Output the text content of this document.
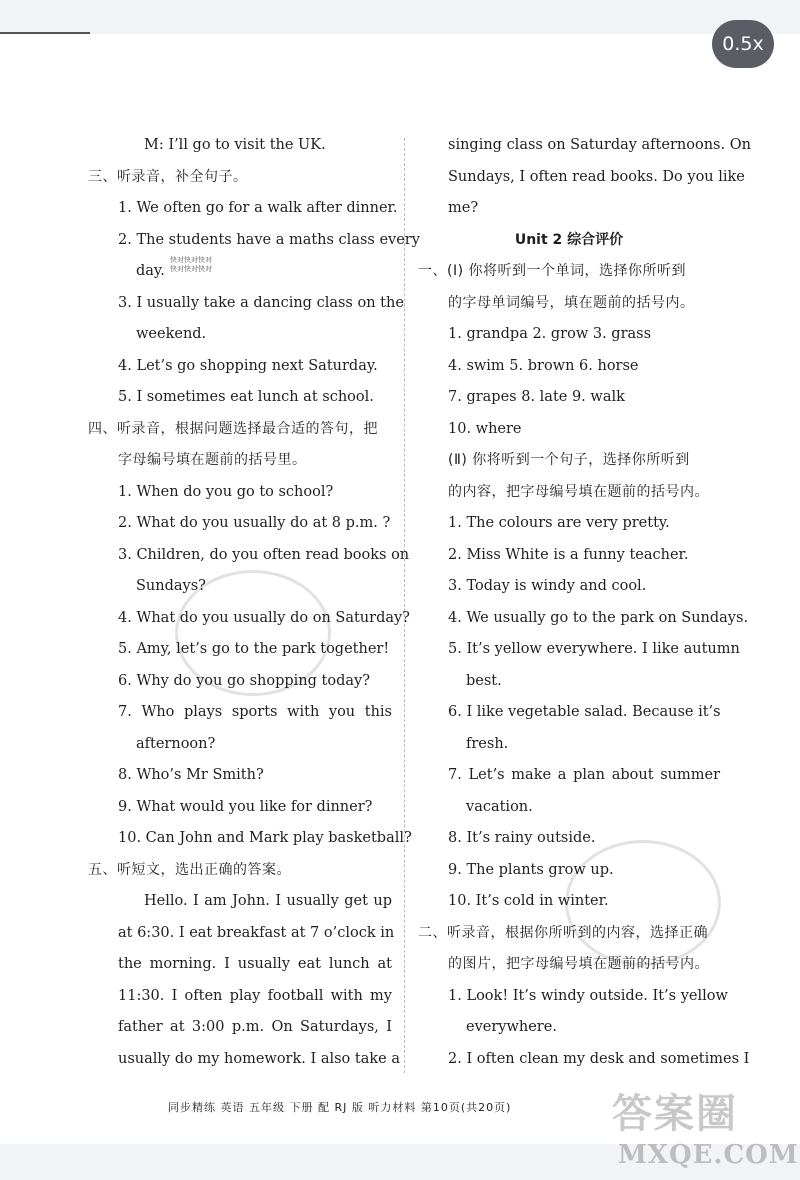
0.5x
M: I’ll go to visit the UK.
三、听录音，补全句子。
1. We often go for a walk after dinner.
2. The students have a maths class every
day.
3. I usually take a dancing class on the
weekend.
4. Let’s go shopping next Saturday.
5. I sometimes eat lunch at school.
四、听录音，根据问题选择最合适的答句，把
字母编号填在题前的括号里。
1. When do you go to school?
2. What do you usually do at 8 p.m. ?
3. Children, do you often read books on
Sundays?
4. What do you usually do on Saturday?
5. Amy, let’s go to the park together!
6. Why do you go shopping today?
7. Who plays sports with you this
afternoon?
8. Who’s Mr Smith?
9. What would you like for dinner?
10. Can John and Mark play basketball?
五、听短文，选出正确的答案。
Hello. I am John. I usually get up
at 6:30. I eat breakfast at 7 o’clock in
the morning. I usually eat lunch at
11:30. I often play football with my
father at 3:00 p.m. On Saturdays, I
usually do my homework. I also take a
singing class on Saturday afternoons. On
Sundays, I often read books. Do you like
me?
Unit 2 综合评价
一、(Ⅰ) 你将听到一个单词，选择你所听到
的字母单词编号，填在题前的括号内。
1. grandpa 2. grow 3. grass
4. swim 5. brown 6. horse
7. grapes 8. late 9. walk
10. where
(Ⅱ) 你将听到一个句子，选择你所听到
的内容，把字母编号填在题前的括号内。
1. The colours are very pretty.
2. Miss White is a funny teacher.
3. Today is windy and cool.
4. We usually go to the park on Sundays.
5. It’s yellow everywhere. I like autumn
best.
6. I like vegetable salad. Because it’s
fresh.
7. Let’s make a plan about summer
vacation.
8. It’s rainy outside.
9. The plants grow up.
10. It’s cold in winter.
二、听录音，根据你所听到的内容，选择正确
的图片，把字母编号填在题前的括号内。
1. Look! It’s windy outside. It’s yellow
everywhere.
2. I often clean my desk and sometimes I
快对快对快对
快对快对快对
同步精练 英语 五年级 下册 配 RJ 版 听力材料 第10页(共20页)	答案圈
MXQE.COM
